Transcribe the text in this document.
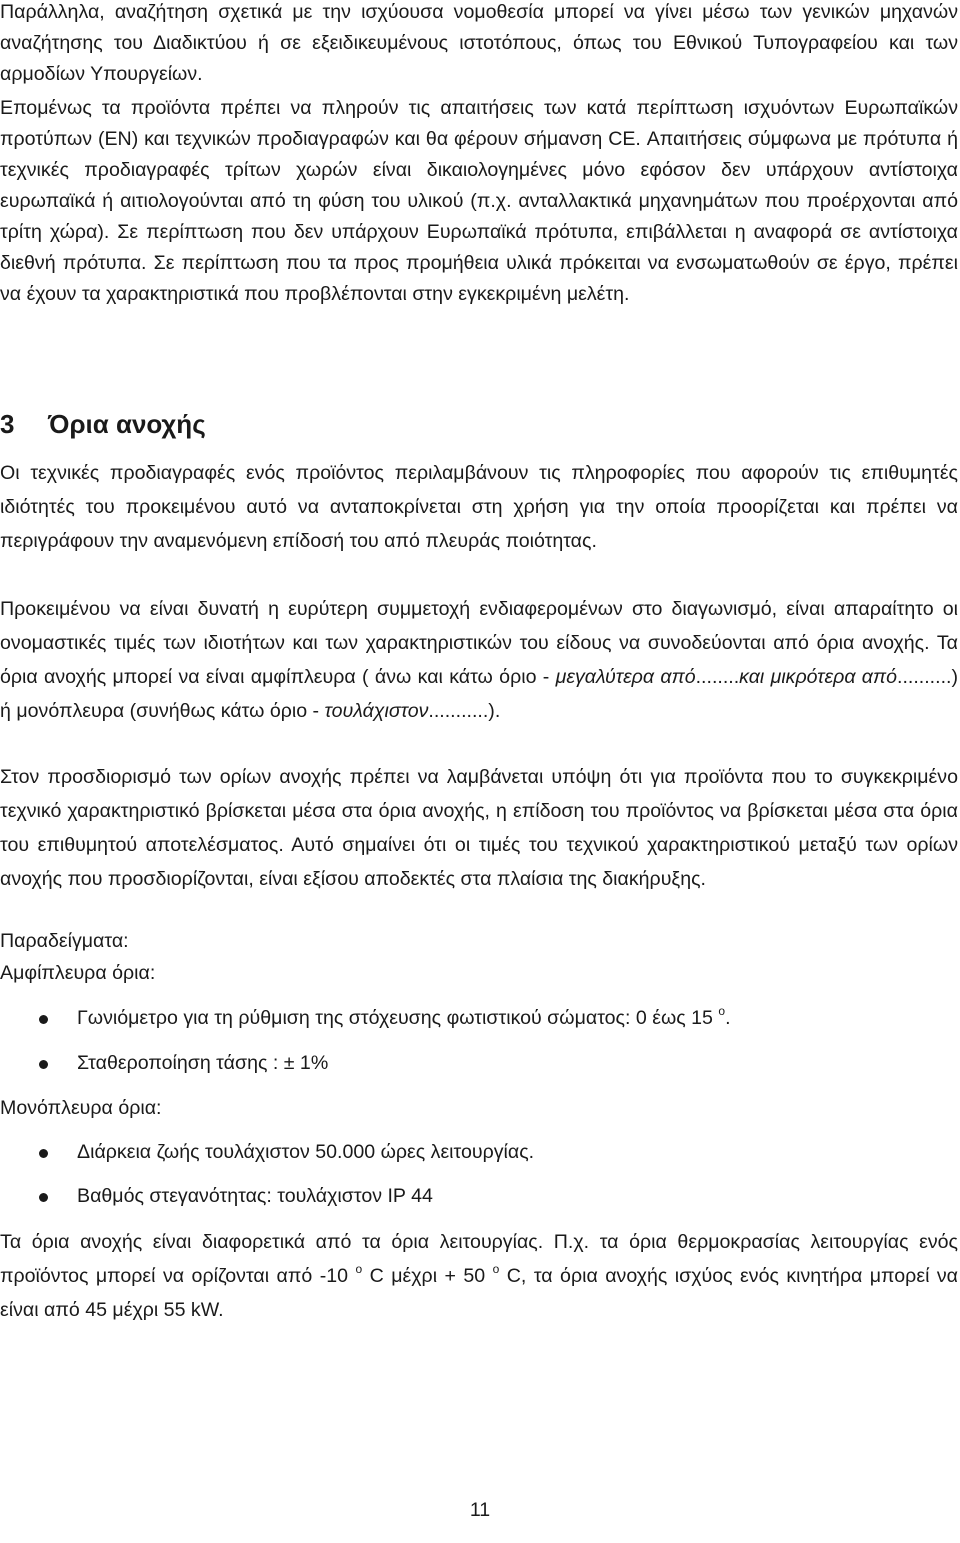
Παράλληλα, αναζήτηση σχετικά με την ισχύουσα νομοθεσία μπορεί να γίνει μέσω των γενικών μηχανών αναζήτησης του Διαδικτύου ή σε εξειδικευμένους ιστοτόπους, όπως του Εθνικού Τυπογραφείου και των αρμοδίων Υπουργείων.

Επομένως τα προϊόντα πρέπει να πληρούν τις απαιτήσεις των κατά περίπτωση ισχυόντων Ευρωπαϊκών προτύπων (EN) και τεχνικών προδιαγραφών και θα φέρουν σήμανση CE. Απαιτήσεις σύμφωνα με πρότυπα ή τεχνικές προδιαγραφές τρίτων χωρών είναι δικαιολογημένες μόνο εφόσον δεν υπάρχουν αντίστοιχα ευρωπαϊκά ή αιτιολογούνται από τη φύση του υλικού (π.χ. ανταλλακτικά μηχανημάτων που προέρχονται από τρίτη χώρα). Σε περίπτωση που δεν υπάρχουν Ευρωπαϊκά πρότυπα, επιβάλλεται η αναφορά σε αντίστοιχα διεθνή πρότυπα. Σε περίπτωση που τα προς προμήθεια υλικά πρόκειται να ενσωματωθούν σε έργο, πρέπει να έχουν τα χαρακτηριστικά που προβλέπονται στην εγκεκριμένη μελέτη.

3 Όρια ανοχής

Οι τεχνικές προδιαγραφές ενός προϊόντος περιλαμβάνουν τις πληροφορίες που αφορούν τις επιθυμητές ιδιότητές του προκειμένου αυτό να ανταποκρίνεται στη χρήση για την οποία προορίζεται και πρέπει να περιγράφουν την αναμενόμενη επίδοσή του από πλευράς ποιότητας.

Προκειμένου να είναι δυνατή η ευρύτερη συμμετοχή ενδιαφερομένων στο διαγωνισμό, είναι απαραίτητο οι ονομαστικές τιμές των ιδιοτήτων και των χαρακτηριστικών του είδους να συνοδεύονται από όρια ανοχής. Τα όρια ανοχής μπορεί να είναι αμφίπλευρα ( άνω και κάτω όριο - μεγαλύτερα από........και μικρότερα από..........) ή μονόπλευρα (συνήθως κάτω όριο - τουλάχιστον...........).

Στον προσδιορισμό των ορίων ανοχής πρέπει να λαμβάνεται υπόψη ότι για προϊόντα που το συγκεκριμένο τεχνικό χαρακτηριστικό βρίσκεται μέσα στα όρια ανοχής, η επίδοση του προϊόντος να βρίσκεται μέσα στα όρια του επιθυμητού αποτελέσματος. Αυτό σημαίνει ότι οι τιμές του τεχνικού χαρακτηριστικού μεταξύ των ορίων ανοχής που προσδιορίζονται, είναι εξίσου αποδεκτές στα πλαίσια της διακήρυξης.

Παραδείγματα:

Αμφίπλευρα όρια:

Γωνιόμετρο για τη ρύθμιση της στόχευσης φωτιστικού σώματος: 0 έως 15 $^o$.
Σταθεροποίηση τάσης : ± 1%

Μονόπλευρα όρια:

Διάρκεια ζωής τουλάχιστον 50.000 ώρες λειτουργίας.
Βαθμός στεγανότητας: τουλάχιστον IP 44

Τα όρια ανοχής είναι διαφορετικά από τα όρια λειτουργίας. Π.χ. τα όρια θερμοκρασίας λειτουργίας ενός προϊόντος μπορεί να ορίζονται από -10 $^o$ C μέχρι + 50 $^o$ C, τα όρια ανοχής ισχύος ενός κινητήρα μπορεί να είναι από 45 μέχρι 55 kW.

11
